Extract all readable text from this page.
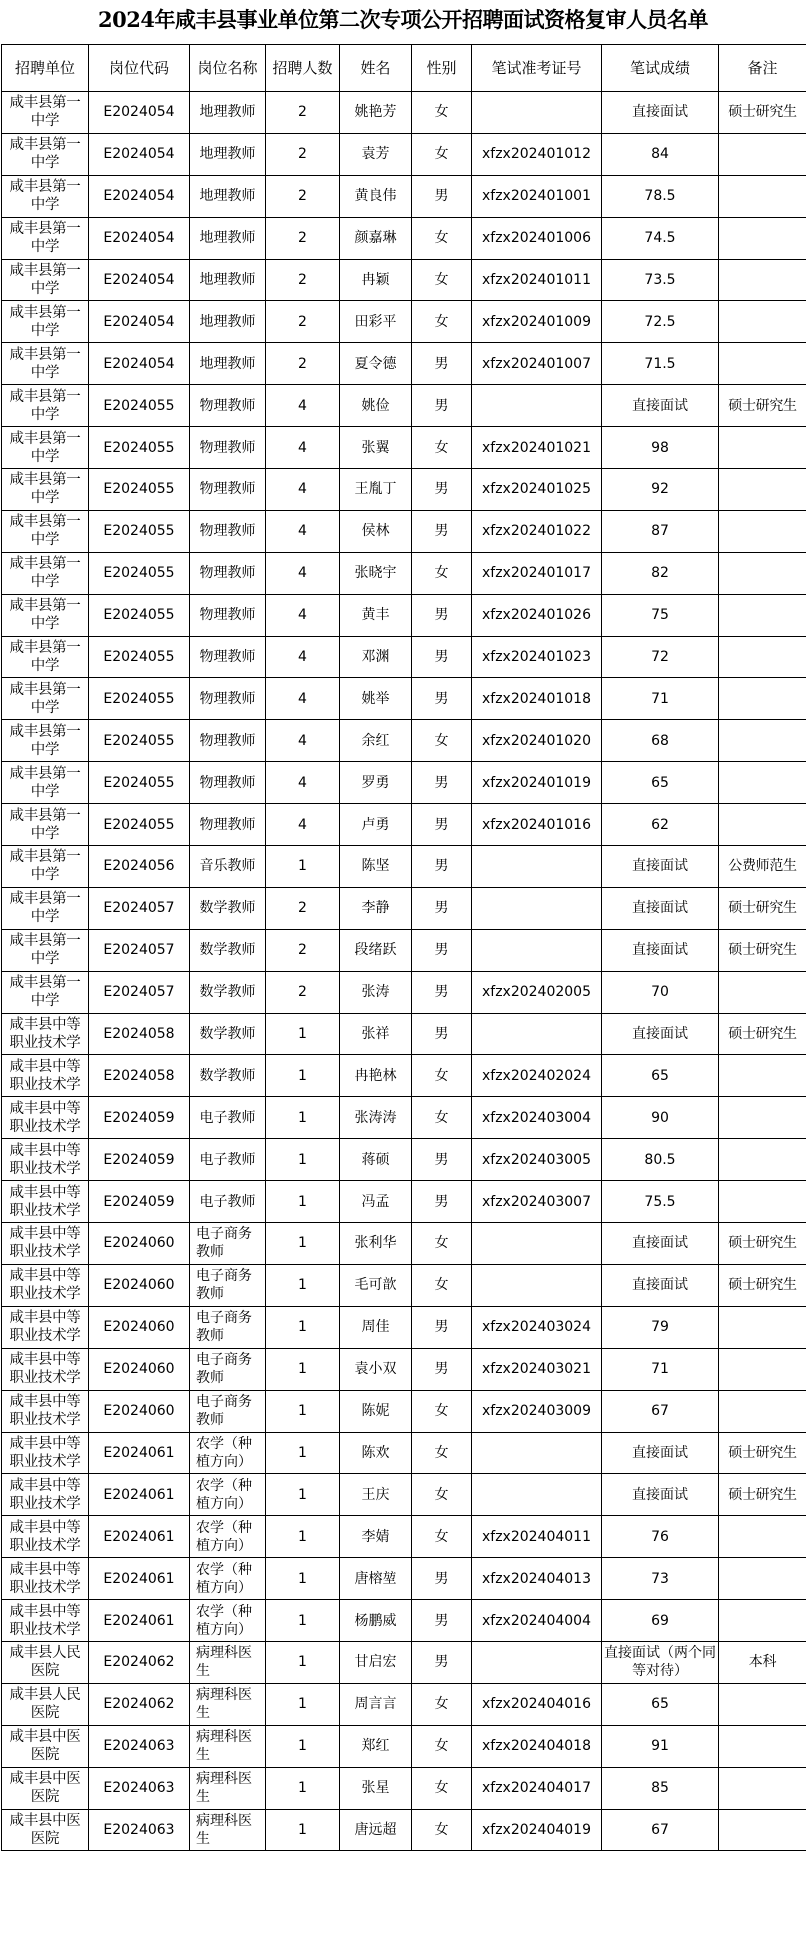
2024年咸丰县事业单位第二次专项公开招聘面试资格复审人员名单
招聘单位	岗位代码	岗位名称	招聘人数	姓名	性别	笔试准考证号	笔试成绩	备注
咸丰县第一中学	E2024054	地理教师	2	姚艳芳	女		直接面试	硕士研究生
咸丰县第一中学	E2024054	地理教师	2	袁芳	女	xfzx202401012	84	
咸丰县第一中学	E2024054	地理教师	2	黄良伟	男	xfzx202401001	78.5	
咸丰县第一中学	E2024054	地理教师	2	颜嘉琳	女	xfzx202401006	74.5	
咸丰县第一中学	E2024054	地理教师	2	冉颖	女	xfzx202401011	73.5	
咸丰县第一中学	E2024054	地理教师	2	田彩平	女	xfzx202401009	72.5	
咸丰县第一中学	E2024054	地理教师	2	夏令德	男	xfzx202401007	71.5	
咸丰县第一中学	E2024055	物理教师	4	姚俭	男		直接面试	硕士研究生
咸丰县第一中学	E2024055	物理教师	4	张翼	女	xfzx202401021	98	
咸丰县第一中学	E2024055	物理教师	4	王胤丁	男	xfzx202401025	92	
咸丰县第一中学	E2024055	物理教师	4	侯林	男	xfzx202401022	87	
咸丰县第一中学	E2024055	物理教师	4	张晓宇	女	xfzx202401017	82	
咸丰县第一中学	E2024055	物理教师	4	黄丰	男	xfzx202401026	75	
咸丰县第一中学	E2024055	物理教师	4	邓渊	男	xfzx202401023	72	
咸丰县第一中学	E2024055	物理教师	4	姚举	男	xfzx202401018	71	
咸丰县第一中学	E2024055	物理教师	4	余红	女	xfzx202401020	68	
咸丰县第一中学	E2024055	物理教师	4	罗勇	男	xfzx202401019	65	
咸丰县第一中学	E2024055	物理教师	4	卢勇	男	xfzx202401016	62	
咸丰县第一中学	E2024056	音乐教师	1	陈坚	男		直接面试	公费师范生
咸丰县第一中学	E2024057	数学教师	2	李静	男		直接面试	硕士研究生
咸丰县第一中学	E2024057	数学教师	2	段绪跃	男		直接面试	硕士研究生
咸丰县第一中学	E2024057	数学教师	2	张涛	男	xfzx202402005	70	
咸丰县中等职业技术学	E2024058	数学教师	1	张祥	男		直接面试	硕士研究生
咸丰县中等职业技术学	E2024058	数学教师	1	冉艳林	女	xfzx202402024	65	
咸丰县中等职业技术学	E2024059	电子教师	1	张涛涛	女	xfzx202403004	90	
咸丰县中等职业技术学	E2024059	电子教师	1	蒋硕	男	xfzx202403005	80.5	
咸丰县中等职业技术学	E2024059	电子教师	1	冯孟	男	xfzx202403007	75.5	
咸丰县中等职业技术学	E2024060	电子商务教师	1	张利华	女		直接面试	硕士研究生
咸丰县中等职业技术学	E2024060	电子商务教师	1	毛可歆	女		直接面试	硕士研究生
咸丰县中等职业技术学	E2024060	电子商务教师	1	周佳	男	xfzx202403024	79	
咸丰县中等职业技术学	E2024060	电子商务教师	1	袁小双	男	xfzx202403021	71	
咸丰县中等职业技术学	E2024060	电子商务教师	1	陈妮	女	xfzx202403009	67	
咸丰县中等职业技术学	E2024061	农学（种植方向）	1	陈欢	女		直接面试	硕士研究生
咸丰县中等职业技术学	E2024061	农学（种植方向）	1	王庆	女		直接面试	硕士研究生
咸丰县中等职业技术学	E2024061	农学（种植方向）	1	李婧	女	xfzx202404011	76	
咸丰县中等职业技术学	E2024061	农学（种植方向）	1	唐榕堃	男	xfzx202404013	73	
咸丰县中等职业技术学	E2024061	农学（种植方向）	1	杨鹏威	男	xfzx202404004	69	
咸丰县人民医院	E2024062	病理科医生	1	甘启宏	男		直接面试（两个同等对待）	本科
咸丰县人民医院	E2024062	病理科医生	1	周言言	女	xfzx202404016	65	
咸丰县中医医院	E2024063	病理科医生	1	郑红	女	xfzx202404018	91	
咸丰县中医医院	E2024063	病理科医生	1	张星	女	xfzx202404017	85	
咸丰县中医医院	E2024063	病理科医生	1	唐远超	女	xfzx202404019	67	
